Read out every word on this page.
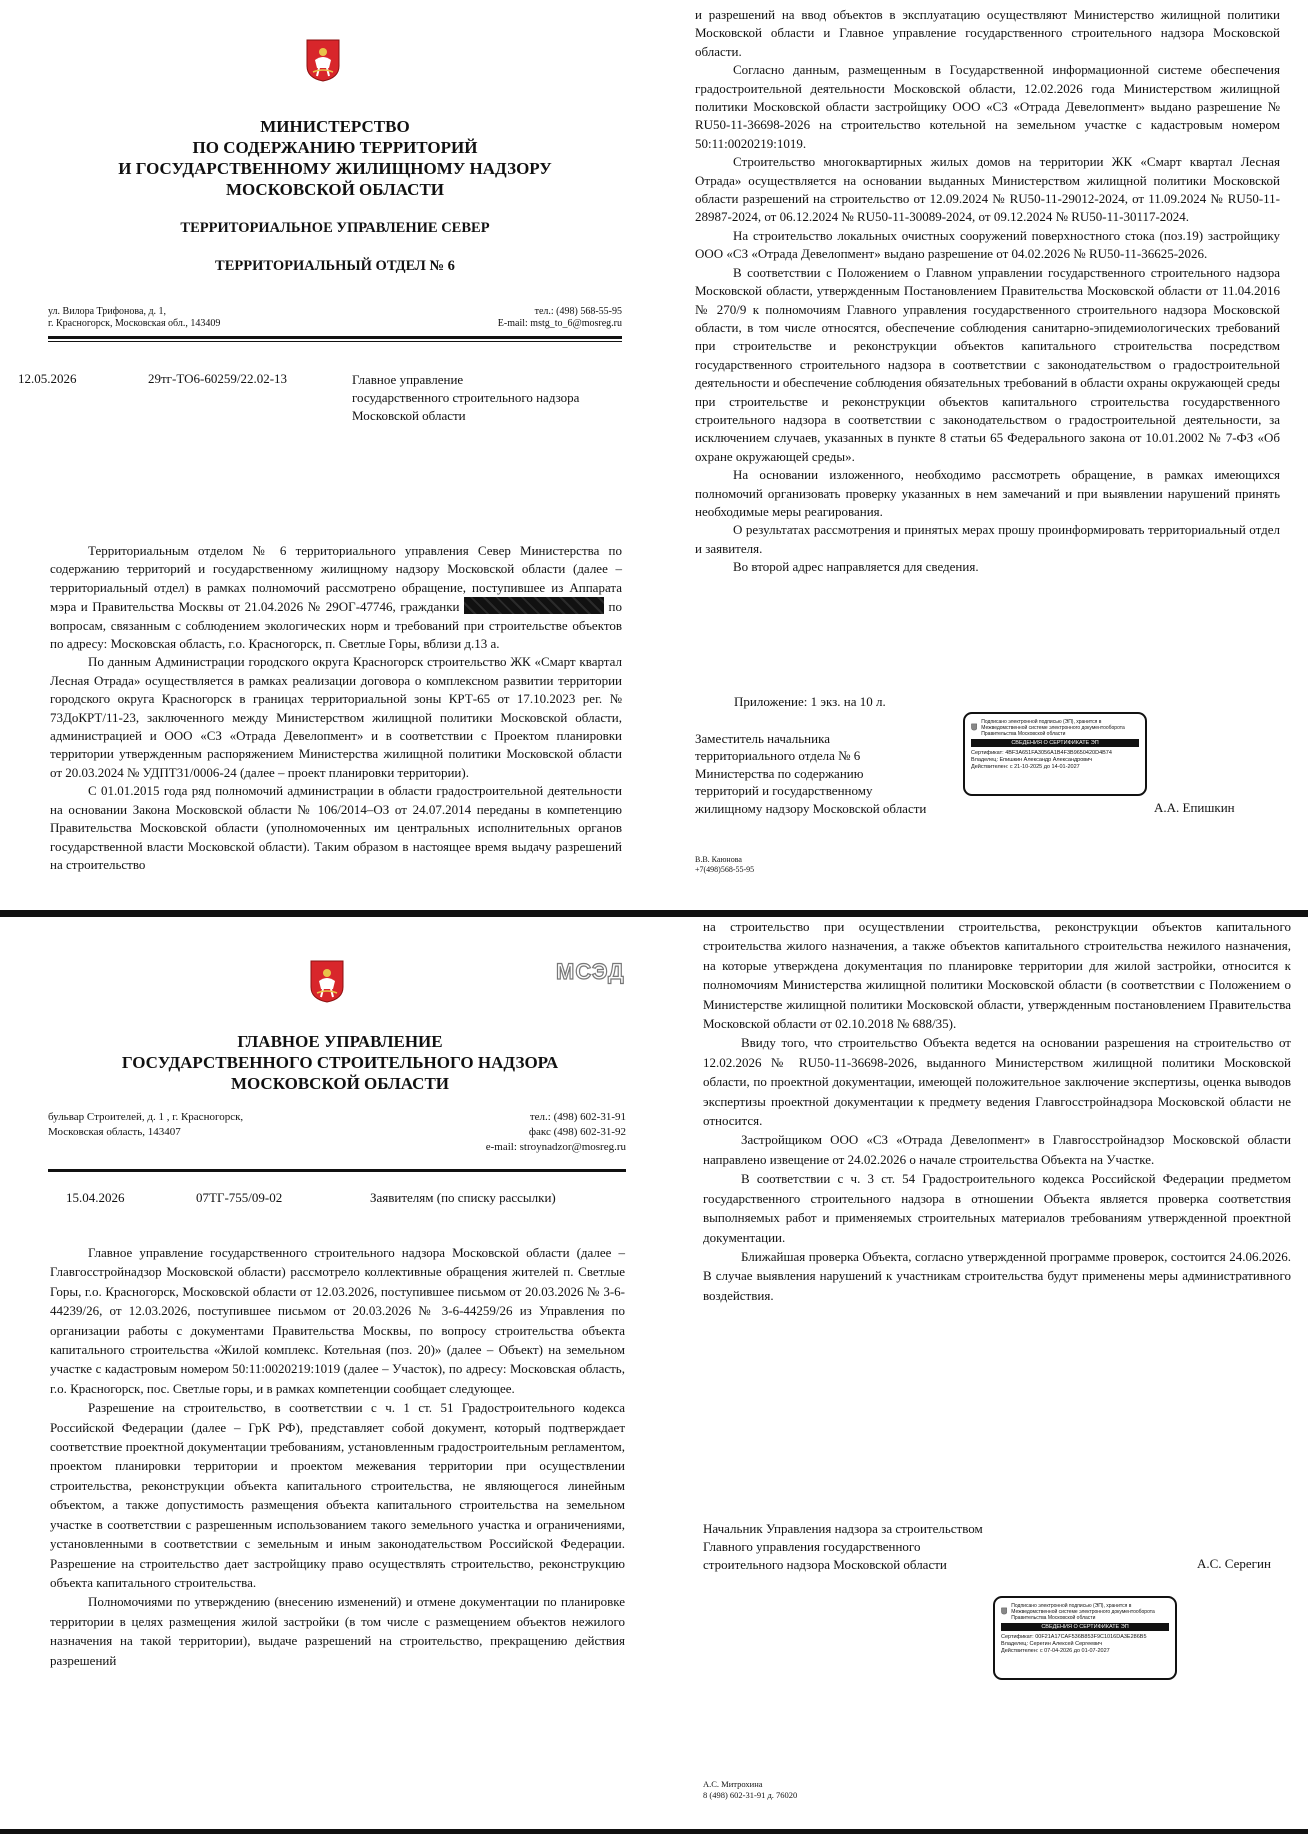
МИНИСТЕРСТВО
ПО СОДЕРЖАНИЮ ТЕРРИТОРИЙ
И ГОСУДАРСТВЕННОМУ ЖИЛИЩНОМУ НАДЗОРУ
МОСКОВСКОЙ ОБЛАСТИ
ТЕРРИТОРИАЛЬНОЕ УПРАВЛЕНИЕ СЕВЕР
ТЕРРИТОРИАЛЬНЫЙ ОТДЕЛ № 6
ул. Вилора Трифонова, д. 1,
г. Красногорск, Московская обл., 143409
тел.: (498) 568-55-95
E-mail: mstg_to_6@mosreg.ru
12.05.2026	29тг-ТО6-60259/22.02-13	Главное управление
государственного строительного надзора
Московской области

Территориальным отделом № 6 территориального управления Север Министерства по содержанию территорий и государственному жилищному надзору Московской области (далее – территориальный отдел) в рамках полномочий рассмотрено обращение, поступившее из Аппарата мэра и Правительства Москвы от 21.04.2026 № 29ОГ-47746, гражданки	по вопросам, связанным с соблюдением экологических норм и требований при строительстве объектов по адресу: Московская область, г.о. Красногорск, п. Светлые Горы, вблизи д.13 а.

По данным Администрации городского округа Красногорск строительство ЖК «Смарт квартал Лесная Отрада» осуществляется в рамках реализации договора о комплексном развитии территории городского округа Красногорск в границах территориальной зоны КРТ-65 от 17.10.2023 рег. № 73ДоКРТ/11-23, заключенного между Министерством жилищной политики Московской области, администрацией и ООО «СЗ «Отрада Девелопмент» и в соответствии с Проектом планировки территории утвержденным распоряжением Министерства жилищной политики Московской области от 20.03.2024 № УДПТ31/0006-24 (далее – проект планировки территории).

С 01.01.2015 года ряд полномочий администрации в области градостроительной деятельности на основании Закона Московской области № 106/2014–ОЗ от 24.07.2014 переданы в компетенцию Правительства Московской области (уполномоченных им центральных исполнительных органов государственной власти Московской области). Таким образом в настоящее время выдачу разрешений на строительство

и разрешений на ввод объектов в эксплуатацию осуществляют Министерство жилищной политики Московской области и Главное управление государственного строительного надзора Московской области.

Согласно данным, размещенным в Государственной информационной системе обеспечения градостроительной деятельности Московской области, 12.02.2026 года Министерством жилищной политики Московской области застройщику ООО «СЗ «Отрада Девелопмент» выдано разрешение № RU50-11-36698-2026 на строительство котельной на земельном участке с кадастровым номером 50:11:0020219:1019.

Строительство многоквартирных жилых домов на территории ЖК «Смарт квартал Лесная Отрада» осуществляется на основании выданных Министерством жилищной политики Московской области разрешений на строительство от 12.09.2024 № RU50-11-29012-2024, от 11.09.2024 № RU50-11-28987-2024, от 06.12.2024 № RU50-11-30089-2024, от 09.12.2024 № RU50-11-30117-2024.

На строительство локальных очистных сооружений поверхностного стока (поз.19) застройщику ООО «СЗ «Отрада Девелопмент» выдано разрешение от 04.02.2026 № RU50-11-36625-2026.

В соответствии с Положением о Главном управлении государственного строительного надзора Московской области, утвержденным Постановлением Правительства Московской области от 11.04.2016 № 270/9 к полномочиям Главного управления государственного строительного надзора Московской области, в том числе относятся, обеспечение соблюдения санитарно-эпидемиологических требований при строительстве и реконструкции объектов капитального строительства посредством государственного строительного надзора в соответствии с законодательством о градостроительной деятельности и обеспечение соблюдения обязательных требований в области охраны окружающей среды при строительстве и реконструкции объектов капитального строительства государственного строительного надзора в соответствии с законодательством о градостроительной деятельности, за исключением случаев, указанных в пункте 8 статьи 65 Федерального закона от 10.01.2002 № 7-ФЗ «Об охране окружающей среды».

На основании изложенного, необходимо рассмотреть обращение, в рамках имеющихся полномочий организовать проверку указанных в нем замечаний и при выявлении нарушений принять необходимые меры реагирования.

О результатах рассмотрения и принятых мерах прошу проинформировать территориальный отдел и заявителя.

Во второй адрес направляется для сведения.

Приложение: 1 экз. на 10 л.
Заместитель начальника
территориального отдела № 6
Министерства по содержанию
территорий и государственному
жилищному надзору Московской области	А.А. Епишкин
Подписано электронной подписью (ЭП), хранится в Межведомственной системе электронного документооборота Правительства Московской области
СВЕДЕНИЯ О СЕРТИФИКАТЕ ЭП
Сертификат: 4BF3A651FA3056A1B4F3B9650420D4B74
Владелец: Епишкин Александр Александрович
Действителен: с 21-10-2025 до 14-01-2027
В.В. Каюнова
+7(498)568-55-95
МСЭД
ГЛАВНОЕ УПРАВЛЕНИЕ
ГОСУДАРСТВЕННОГО СТРОИТЕЛЬНОГО НАДЗОРА
МОСКОВСКОЙ ОБЛАСТИ
бульвар Строителей, д. 1 , г. Красногорск,
Московская область, 143407
тел.: (498) 602-31-91
факс (498) 602-31-92
e-mail: stroynadzor@mosreg.ru
15.04.2026	07ТГ-755/09-02	Заявителям (по списку рассылки)

Главное управление государственного строительного надзора Московской области (далее – Главгосстройнадзор Московской области) рассмотрело коллективные обращения жителей п. Светлые Горы, г.о. Красногорск, Московской области от 12.03.2026, поступившее письмом от 20.03.2026 № 3-6-44239/26, от 12.03.2026, поступившее письмом от 20.03.2026 № 3-6-44259/26 из Управления по организации работы с документами Правительства Москвы, по вопросу строительства объекта капитального строительства «Жилой комплекс. Котельная (поз. 20)» (далее – Объект) на земельном участке с кадастровым номером 50:11:0020219:1019 (далее – Участок), по адресу: Московская область, г.о. Красногорск, пос. Светлые горы, и в рамках компетенции сообщает следующее.

Разрешение на строительство, в соответствии с ч. 1 ст. 51 Градостроительного кодекса Российской Федерации (далее – ГрК РФ), представляет собой документ, который подтверждает соответствие проектной документации требованиям, установленным градостроительным регламентом, проектом планировки территории и проектом межевания территории при осуществлении строительства, реконструкции объекта капитального строительства, не являющегося линейным объектом, а также допустимость размещения объекта капитального строительства на земельном участке в соответствии с разрешенным использованием такого земельного участка и ограничениями, установленными в соответствии с земельным и иным законодательством Российской Федерации. Разрешение на строительство дает застройщику право осуществлять строительство, реконструкцию объекта капитального строительства.

Полномочиями по утверждению (внесению изменений) и отмене документации по планировке территории в целях размещения жилой застройки (в том числе с размещением объектов нежилого назначения на такой территории), выдаче разрешений на строительство, прекращению действия разрешений

на строительство при осуществлении строительства, реконструкции объектов капитального строительства жилого назначения, а также объектов капитального строительства нежилого назначения, на которые утверждена документация по планировке территории для жилой застройки, относится к полномочиям Министерства жилищной политики Московской области (в соответствии с Положением о Министерстве жилищной политики Московской области, утвержденным постановлением Правительства Московской области от 02.10.2018 № 688/35).

Ввиду того, что строительство Объекта ведется на основании разрешения на строительство от 12.02.2026 № RU50-11-36698-2026, выданного Министерством жилищной политики Московской области, по проектной документации, имеющей положительное заключение экспертизы, оценка выводов экспертизы проектной документации к предмету ведения Главгосстройнадзора Московской области не относится.

Застройщиком ООО «СЗ «Отрада Девелопмент» в Главгосстройнадзор Московской области направлено извещение от 24.02.2026 о начале строительства Объекта на Участке.

В соответствии с ч. 3 ст. 54 Градостроительного кодекса Российской Федерации предметом государственного строительного надзора в отношении Объекта является проверка соответствия выполняемых работ и применяемых строительных материалов требованиям утвержденной проектной документации.

Ближайшая проверка Объекта, согласно утвержденной программе проверок, состоится 24.06.2026. В случае выявления нарушений к участникам строительства будут применены меры административного воздействия.

Начальник Управления надзора за строительством
Главного управления государственного
строительного надзора Московской области	А.С. Серегин
Подписано электронной подписью (ЭП), хранится в Межведомственной системе электронного документооборота Правительства Московской области
СВЕДЕНИЯ О СЕРТИФИКАТЕ ЭП
Сертификат: 00F21A17CAF536B853F9C1016DA3E286B5
Владелец: Серегин Алексей Сергеевич
Действителен: с 07-04-2026 до 01-07-2027
А.С. Митрохина
8 (498) 602-31-91 д. 76020
